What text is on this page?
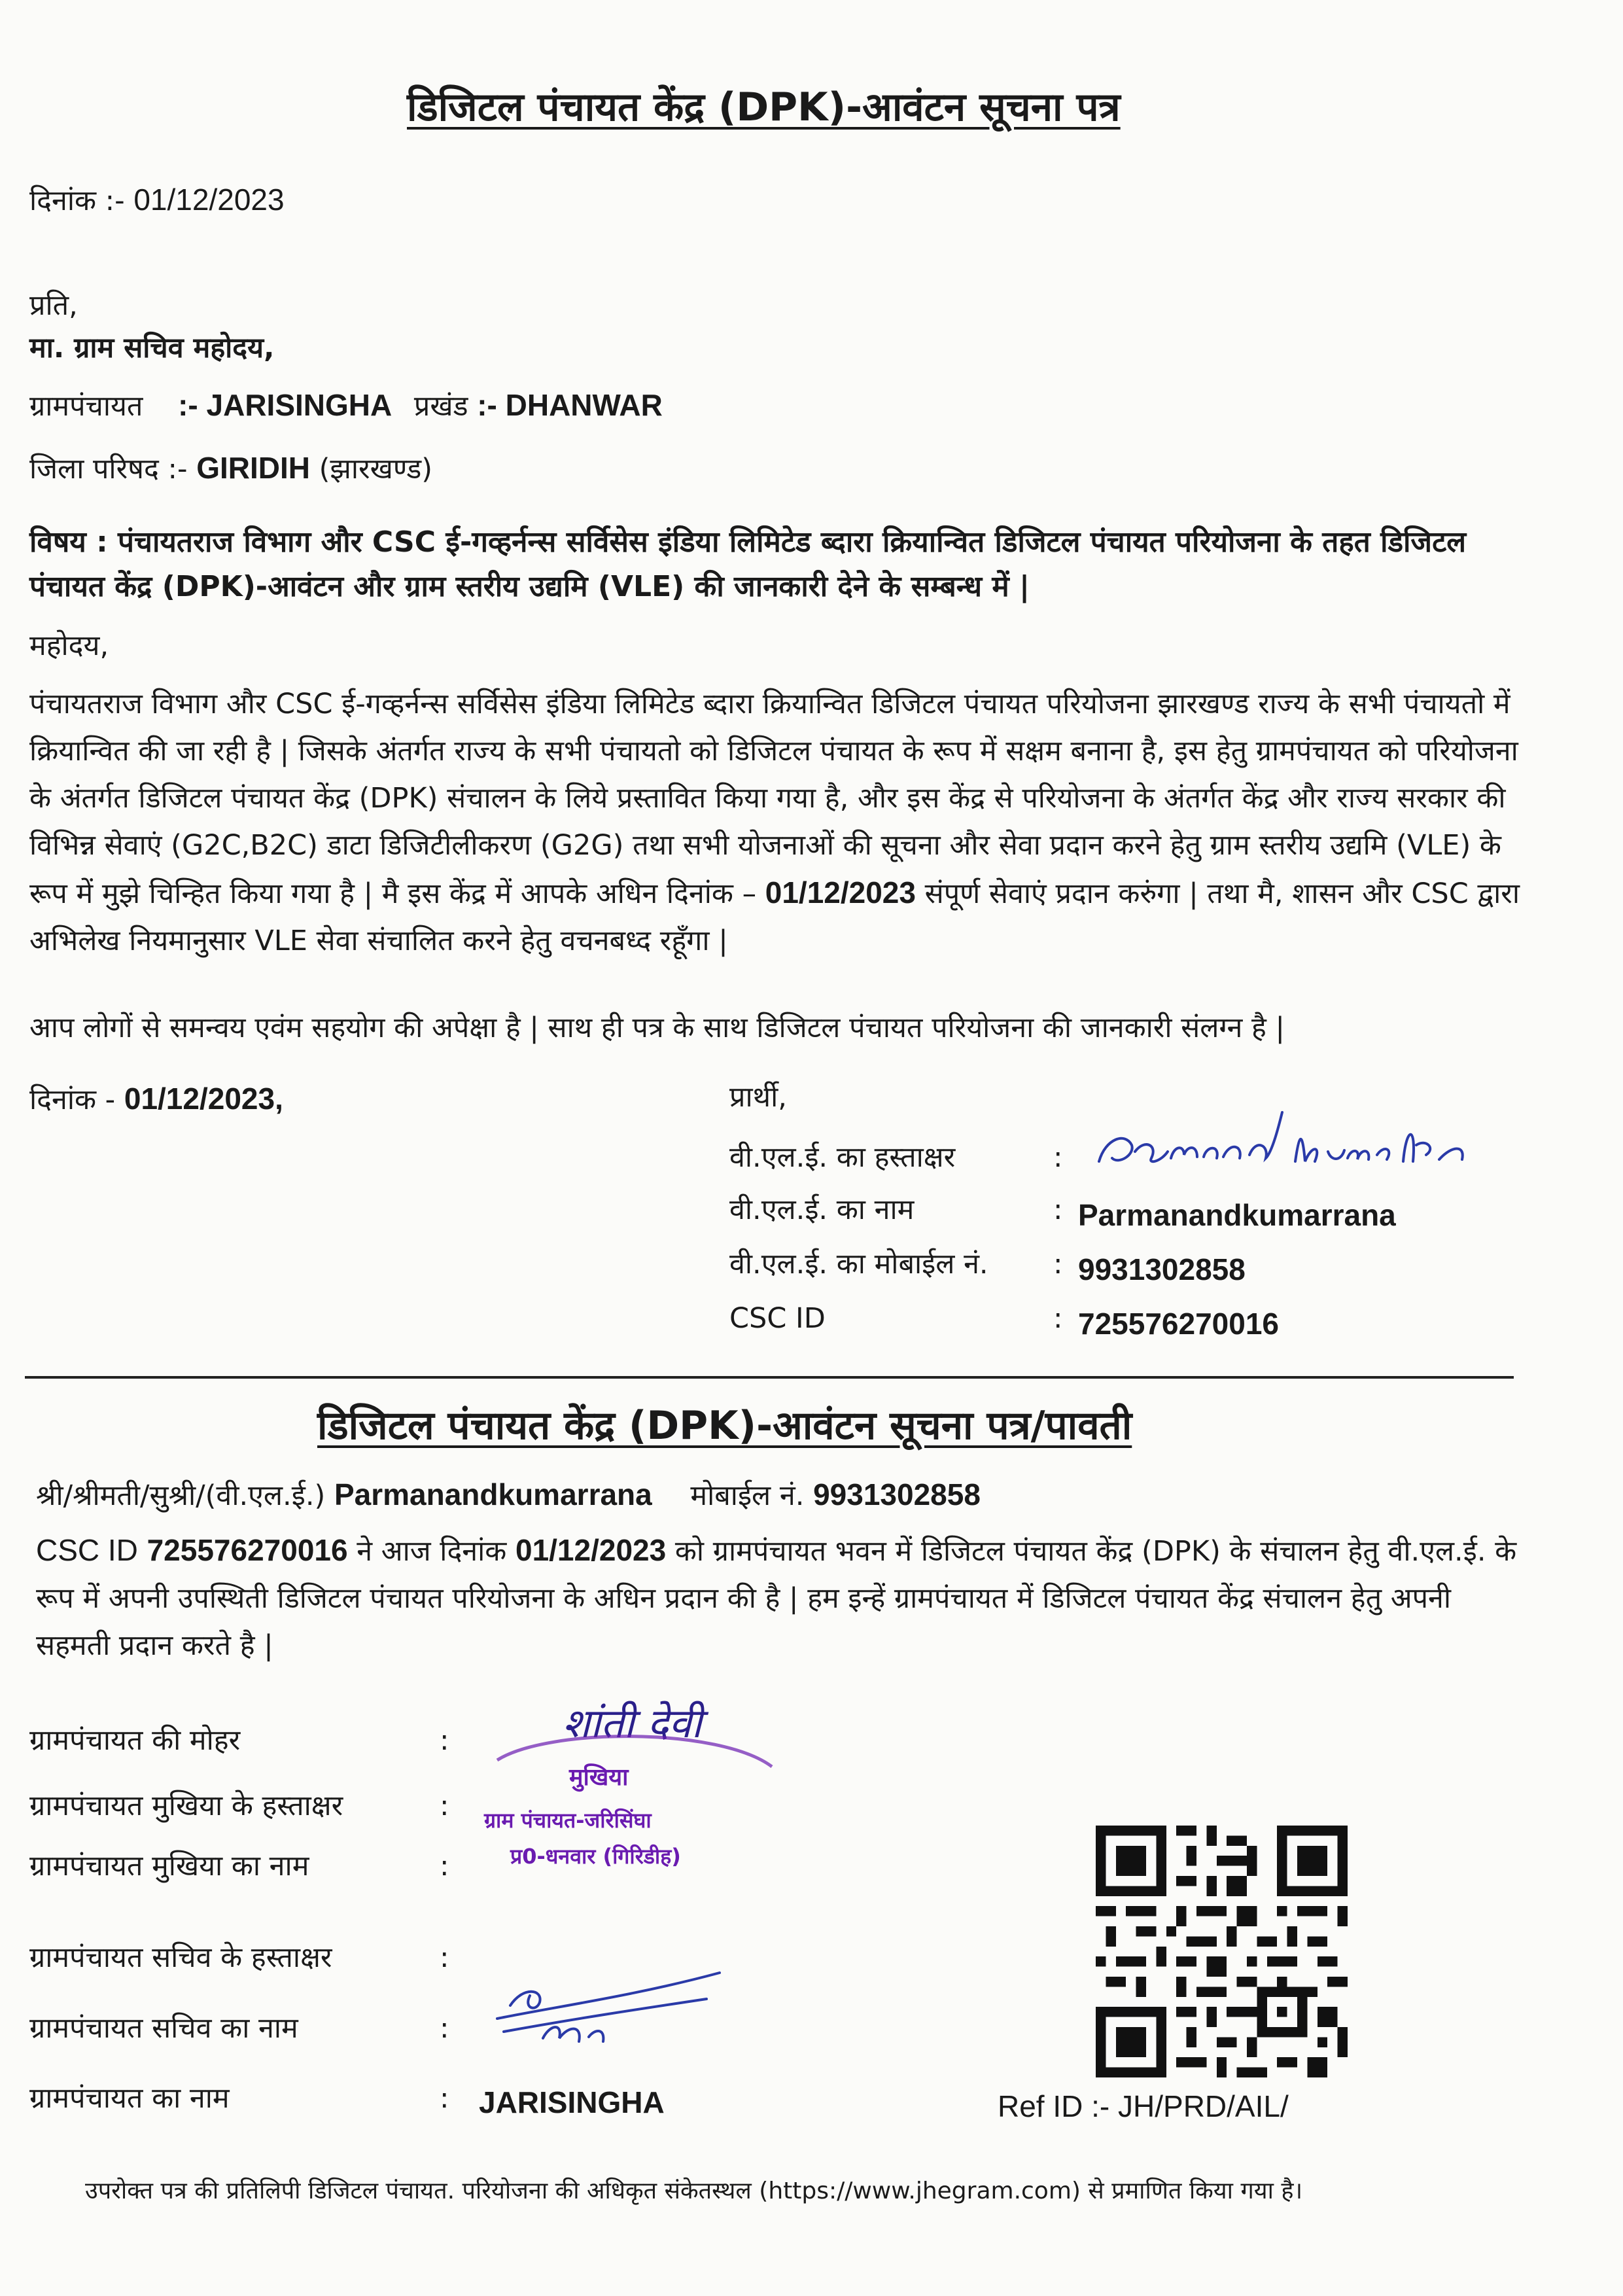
डिजिटल पंचायत केंद्र (DPK)-आवंटन सूचना पत्र
दिनांक :- 01/12/2023
प्रति,
मा. ग्राम सचिव महोदय,
ग्रामपंचायत :- JARISINGHA प्रखंड :- DHANWAR
जिला परिषद :- GIRIDIH (झारखण्ड)
विषय : पंचायतराज विभाग और CSC ई-गव्हर्नन्स सर्विसेस इंडिया लिमिटेड ब्दारा क्रियान्वित डिजिटल पंचायत परियोजना के तहत डिजिटल पंचायत केंद्र (DPK)-आवंटन और ग्राम स्तरीय उद्यमि (VLE) की जानकारी देने के सम्बन्ध में |
महोदय,
पंचायतराज विभाग और CSC ई-गव्हर्नन्स सर्विसेस इंडिया लिमिटेड ब्दारा क्रियान्वित डिजिटल पंचायत परियोजना झारखण्ड राज्य के सभी पंचायतो में क्रियान्वित की जा रही है | जिसके अंतर्गत राज्य के सभी पंचायतो को डिजिटल पंचायत के रूप में सक्षम बनाना है, इस हेतु ग्रामपंचायत को परियोजना के अंतर्गत डिजिटल पंचायत केंद्र (DPK) संचालन के लिये प्रस्तावित किया गया है, और इस केंद्र से परियोजना के अंतर्गत केंद्र और राज्य सरकार की विभिन्न सेवाएं (G2C,B2C) डाटा डिजिटीलीकरण (G2G) तथा सभी योजनाओं की सूचना और सेवा प्रदान करने हेतु ग्राम स्तरीय उद्यमि (VLE) के रूप में मुझे चिन्हित किया गया है | मै इस केंद्र में आपके अधिन दिनांक – 01/12/2023 संपूर्ण सेवाएं प्रदान करुंगा | तथा मै, शासन और CSC द्वारा अभिलेख नियमानुसार VLE सेवा संचालित करने हेतु वचनबध्द रहूँगा |
आप लोगों से समन्वय एवंम सहयोग की अपेक्षा है | साथ ही पत्र के साथ डिजिटल पंचायत परियोजना की जानकारी संलग्न है |
दिनांक - 01/12/2023,	प्रार्थी,
वी.एल.ई. का हस्ताक्षर	:
वी.एल.ई. का नाम	: Parmanandkumarrana
वी.एल.ई. का मोबाईल नं. : 9931302858
CSC ID	: 725576270016
डिजिटल पंचायत केंद्र (DPK)-आवंटन सूचना पत्र/पावती
श्री/श्रीमती/सुश्री/(वी.एल.ई.) Parmanandkumarrana मोबाईल नं. 9931302858
CSC ID 725576270016 ने आज दिनांक 01/12/2023 को ग्रामपंचायत भवन में डिजिटल पंचायत केंद्र (DPK) के संचालन हेतु वी.एल.ई. के रूप में अपनी उपस्थिती डिजिटल पंचायत परियोजना के अधिन प्रदान की है | हम इन्हें ग्रामपंचायत में डिजिटल पंचायत केंद्र संचालन हेतु अपनी सहमती प्रदान करते है |
ग्रामपंचायत की मोहर	:
ग्रामपंचायत मुखिया के हस्ताक्षर	:
ग्रामपंचायत मुखिया का नाम	:
ग्रामपंचायत सचिव के हस्ताक्षर	:
ग्रामपंचायत सचिव का नाम	:
ग्रामपंचायत का नाम	: JARISINGHA
शांती देवी
मुखिया
ग्राम पंचायत-जरिसिंघा
प्र0-धनवार (गिरिडीह)
Ref ID :- JH/PRD/AIL/
उपरोक्त पत्र की प्रतिलिपी डिजिटल पंचायत. परियोजना की अधिकृत संकेतस्थल (https://www.jhegram.com) से प्रमाणित किया गया है।
